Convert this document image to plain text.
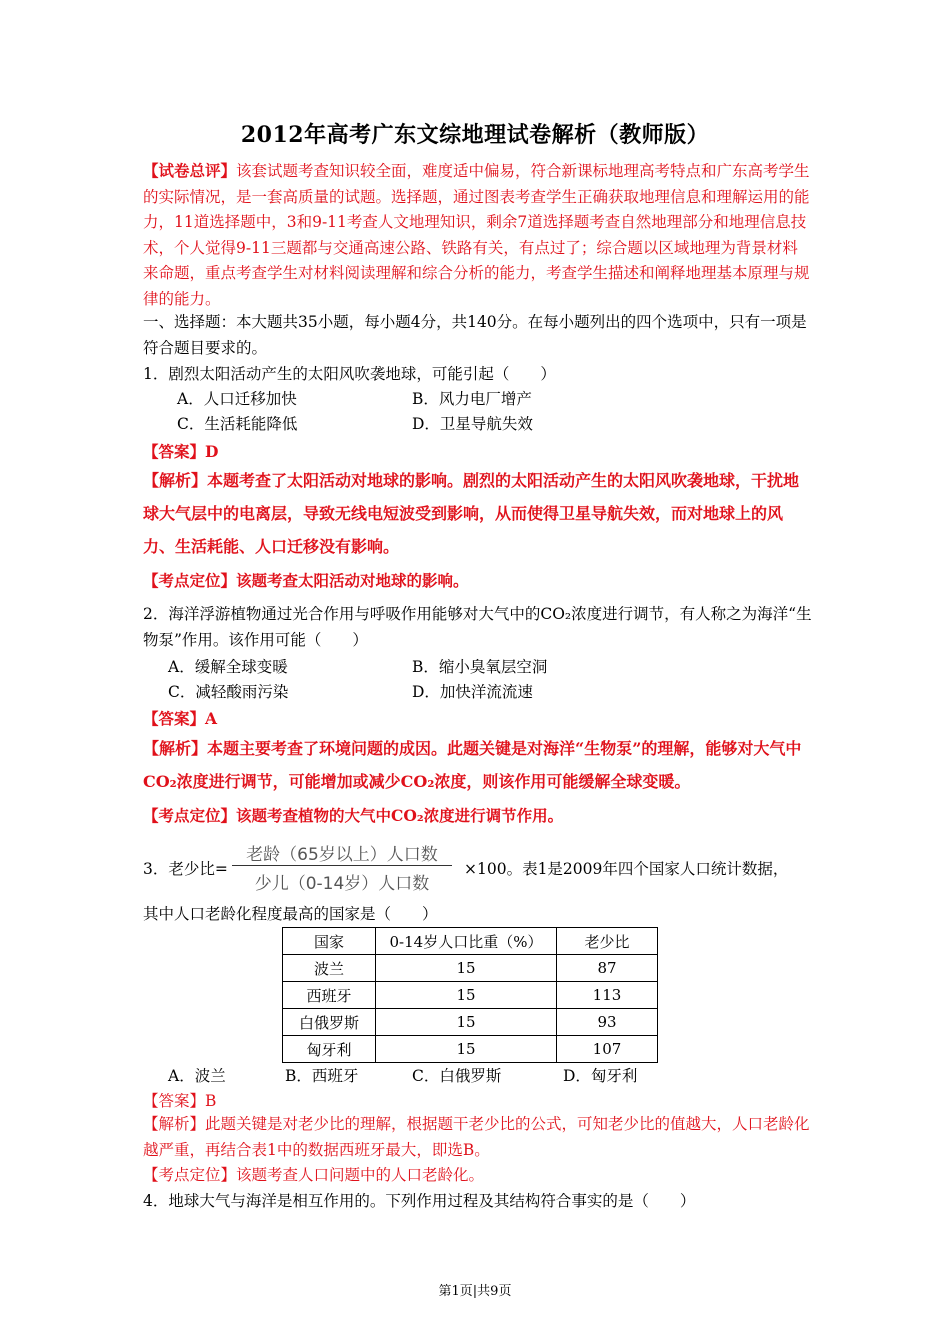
2012年高考广东文综地理试卷解析（教师版）
【试卷总评】该套试题考查知识较全面，难度适中偏易，符合新课标地理高考特点和广东高考学生的实际情况，是一套高质量的试题。选择题，通过图表考查学生正确获取地理信息和理解运用的能力，11道选择题中，3和9-11考查人文地理知识，剩余7道选择题考查自然地理部分和地理信息技术，个人觉得9-11三题都与交通高速公路、铁路有关，有点过了；综合题以区域地理为背景材料来命题，重点考查学生对材料阅读理解和综合分析的能力，考查学生描述和阐释地理基本原理与规律的能力。
一、选择题：本大题共35小题，每小题4分，共140分。在每小题列出的四个选项中，只有一项是符合题目要求的。
1．剧烈太阳活动产生的太阳风吹袭地球，可能引起（　　）
A．人口迁移加快	B．风力电厂增产
C．生活耗能降低	D．卫星导航失效
【答案】D
【解析】本题考查了太阳活动对地球的影响。剧烈的太阳活动产生的太阳风吹袭地球，干扰地球大气层中的电离层，导致无线电短波受到影响，从而使得卫星导航失效，而对地球上的风力、生活耗能、人口迁移没有影响。
【考点定位】该题考查太阳活动对地球的影响。
2．海洋浮游植物通过光合作用与呼吸作用能够对大气中的CO₂浓度进行调节，有人称之为海洋“生物泵”作用。该作用可能（　　）
A．缓解全球变暖	B．缩小臭氧层空洞
C．减轻酸雨污染	D．加快洋流流速
【答案】A
【解析】本题主要考查了环境问题的成因。此题关键是对海洋“生物泵”的理解，能够对大气中CO₂浓度进行调节，可能增加或减少CO₂浓度，则该作用可能缓解全球变暖。
【考点定位】该题考查植物的大气中CO₂浓度进行调节作用。
3．老少比=
老龄（65岁以上）人口数
少儿（0-14岁）人口数
×100。表1是2009年四个国家人口统计数据，
其中人口老龄化程度最高的国家是（　　）
国家	0-14岁人口比重（%）	老少比
波兰	15	87
西班牙	15	113
白俄罗斯	15	93
匈牙利	15	107
A．波兰	B．西班牙	C．白俄罗斯	D．匈牙利
【答案】B
【解析】此题关键是对老少比的理解，根据题干老少比的公式，可知老少比的值越大，人口老龄化越严重，再结合表1中的数据西班牙最大，即选B。
【考点定位】该题考查人口问题中的人口老龄化。
4．地球大气与海洋是相互作用的。下列作用过程及其结构符合事实的是（　　）
第1页|共9页
